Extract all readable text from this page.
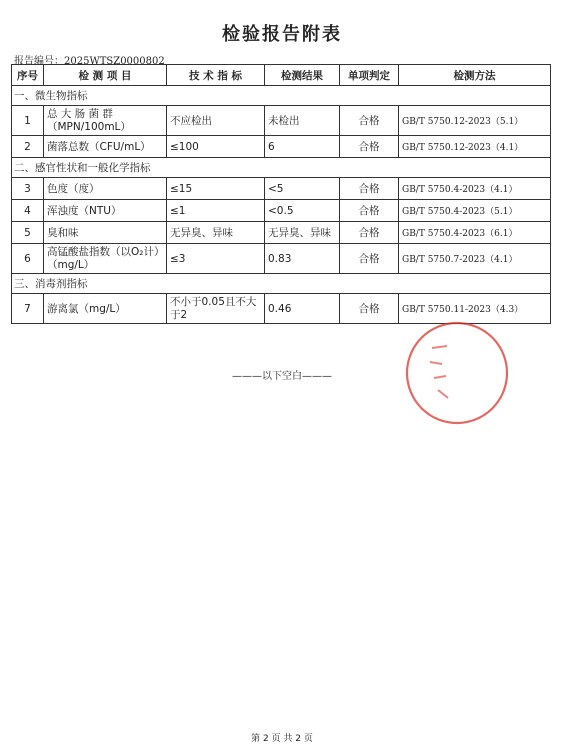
检验报告附表
报告编号：2025WTSZ0000802
序号	检 测 项 目	技 术 指 标	检测结果	单项判定	检测方法
一、微生物指标					
1	总 大 肠 菌 群（MPN/100mL）	不应检出	未检出	合格	GB/T 5750.12-2023（5.1）
2	菌落总数（CFU/mL）	≤100	6	合格	GB/T 5750.12-2023（4.1）
二、感官性状和一般化学指标					
3	色度（度）	≤15	<5	合格	GB/T 5750.4-2023（4.1）
4	浑浊度（NTU）	≤1	<0.5	合格	GB/T 5750.4-2023（5.1）
5	臭和味	无异臭、异味	无异臭、异味	合格	GB/T 5750.4-2023（6.1）
6	高锰酸盐指数（以O₂计）（mg/L）	≤3	0.83	合格	GB/T 5750.7-2023（4.1）
三、消毒剂指标					
7	游离氯（mg/L）	不小于0.05且不大于2	0.46	合格	GB/T 5750.11-2023（4.3）
———以下空白———
第 2 页 共 2 页
